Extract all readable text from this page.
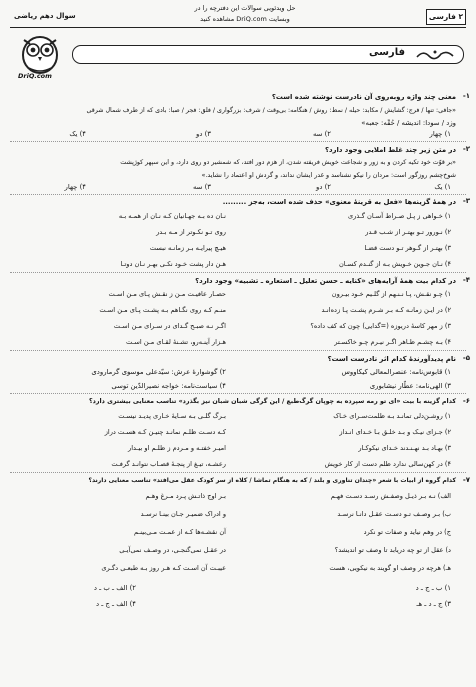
۲ فارسی
حل ویدئویی سوالات این دفترچه را در
وبسایت DriQ.com مشاهده کنید
سوال دهم ریاضی
DriQ.com
فارسی
۱-
معنی چند واژه روبه‌روی آن نادرست نوشته شده است؟
«جافی: تنها / فرج: گشایش / مکابد: حیله / نمط: روش / هنگامه: بی‌وقت / شرف: بزرگواری / فلق: فجر / صبا: بادی که از طرف شمال شرقی
وزد / سودا: اندیشه / حُقّه: جعبه»
۱) چهار
۲) سه
۳) دو
۴) یک
۲-
در متن زیر چند غلط املایی وجود دارد؟
«بر قوّت خود تکیه کردن و به زور و شجاعت خویش فریفته شدن، از هزم دور افتد، که شمشیر دو روی دارد، و این سپهر کوژپشت
شوخ‌چشم روزگور است: مردان را نیکو نشناسد و غدر ایشان نداند، و گردش او اعتماد را نشاید.»
۱) یک
۲) دو
۳) سه
۴) چهار
۳-
در همهٔ گزینه‌ها «فعل به قرینهٔ معنوی» حذف شده است، به‌جز .........
۱) خـواهی ز پـل صـراط آسـان گـذری
نـان ده بـه جهـانیان کـه نـان از همـه بـه
۲) نـورور تـو بهتـر از شـب قـدر
روی تـو نکـوتر از مـه بـدر
۳) بهتـر از گـوهر تـو دست قضـا
هیـچ پیرایـه بـر زمانـه نبست
۴) نـان جـوین خـویش بـه از گنـدم کسـان
هـن دار پشت خـود نکـی بهـر نـان دوتـا
۴-
در کدام بیت همهٔ آرایه‌های «کنایه ـ حسن تعلیل ـ استعاره ـ تشبیه» وجود دارد؟
۱) چـو نقـش، پـا نـنـهم از گلـیم خـود بیـرون
حصـار عافیـت مـن ز نقـش پـای مـن اسـت
۲) در ایـن زمانـه کـه بـر شـرم پشـت پـا زده‌انـد
منـم کـه روی نگـاهم بـه پشـت پـای مـن اسـت
۳) ز مهر کاسهٔ دریوزه (=گدایی) چون که کف داده؟
اگـر نـه صبـح گـدای در سـرای مـن اسـت
۴) بـه چشـم ظـاهر اگـر نیـرم چـو خاکسـتر
هـزار آینـه‌رو، تشـنهٔ لقـای مـن اسـت
۵-
نام پدیدآورندهٔ کدام اثر نادرست است؟
۱) قابوس‌نامه: عنصرالمعالی کیکاووس
۲) گوشوارهٔ عرش: سیّدعلی موسوی گرمارودی
۳) الهی‌نامه: عطّار نیشابوری
۴) سیاست‌نامه: خواجه نصیرالدّین توسی
۶-
کدام گزینه با بیت «ای تو رمه سپرده به چوپان گرگ‌طبع / این گرگی شبان شبان نیز بگذرد» تناسب معنایی بیشتری دارد؟
۱) روشـن‌دلی تمانـد بـه ظلمت‌سـرای خـاک
بـرگ گلـی بـه سـایهٔ خـاری پدیـد نیسـت
۲) جـزای نیـک و بـد خلـق بـا خـدای انـداز
کـه دسـت ظلـم نمانـد چنیـن کـه هسـت دراز
۳) بهـاد بـد نهـنـدند خـدای نیکوکـار
امیـر خفتـه و مـردم ز ظلـم او بیـدار
۴) در کهن‌سالی ندارد ظلم دست از کار خویش
رعشـه، تیـغ از پنجـهٔ قصـاب نتوانـد گرفـت
۷-
کدام گروه از ابیات با شعر «چندان تناوری و بلند / که به هنگام تماشا / کلاه از سر کودک عقل می‌افتد» تناسب معنایی دارند؟
الف) نـه بـر ذیـل وصفـش رسـد دسـت فهـم
بـر اوج ذاتـش پـرد مـرغ وهـم
ب) بـر وصـف تـو دسـت عقـل دانـا نرسـد
و ادراک ضمیـر جـان بینـا نرسـد
ج) در وهم نیاید و صفات تو نکرد
آن نقشـه‌ها کـه از عمـت مـی‌بینـم
د) عقل از تو چه دریابد تا وصف تو اندیشد؟
در عقـل نمی‌گنجـی، در وصـف نمی‌آیـی
هـ) هرچه در وصف او گویند به نیکویی، هست
عیبـت آن اسـت کـه هـر روز بـه طبعـی دگـری
۱) ب ـ ج ـ د
۲) الف ـ ب ـ د
۳) ج ـ د ـ هـ
۴) الف ـ ج ـ د
